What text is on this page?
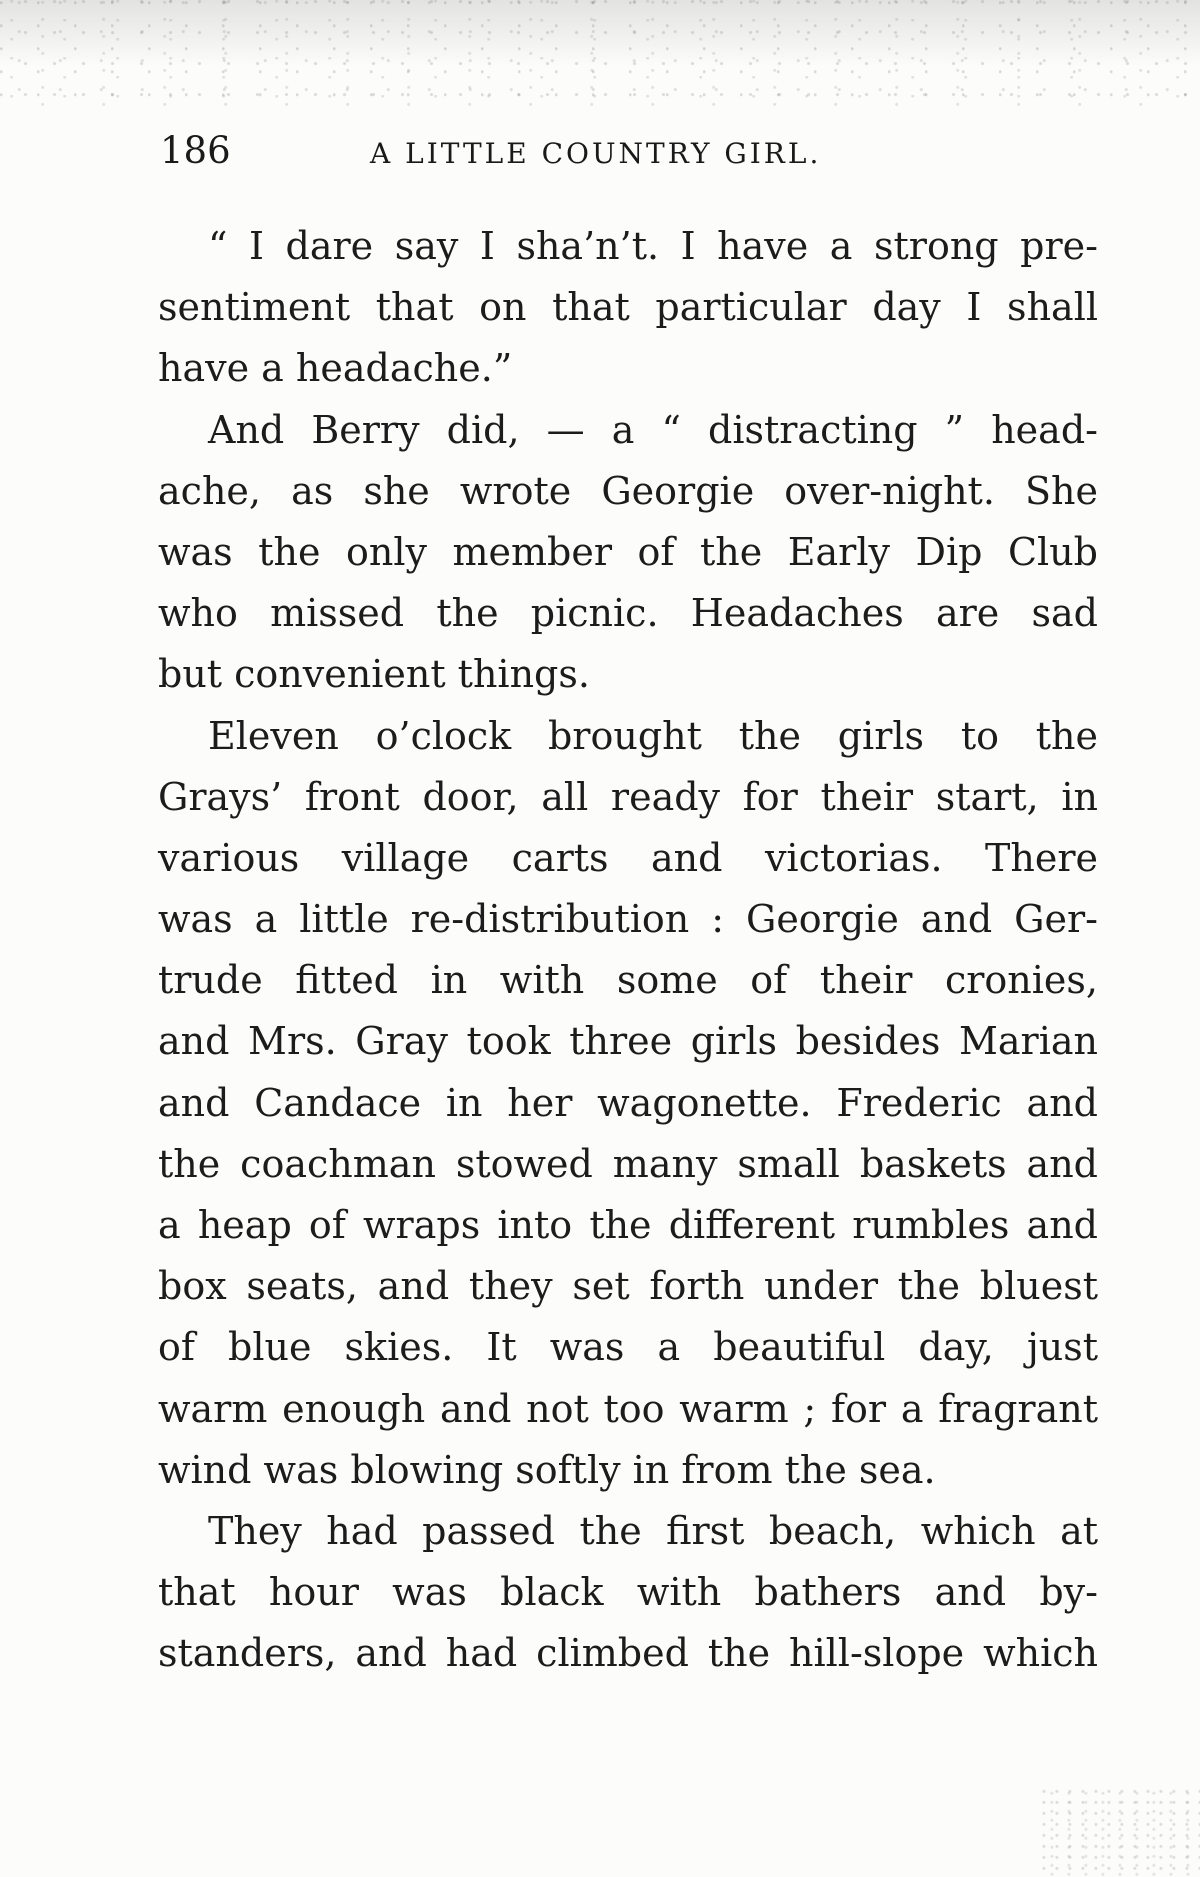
186	A LITTLE COUNTRY GIRL.
“ I dare say I sha’n’t. I have a strong pre-
sentiment that on that particular day I shall
have a headache.”
And Berry did, — a “ distracting ” head-
ache, as she wrote Georgie over-night. She
was the only member of the Early Dip Club
who missed the picnic. Headaches are sad
but convenient things.
Eleven o’clock brought the girls to the
Grays’ front door, all ready for their start, in
various village carts and victorias. There
was a little re-distribution : Georgie and Ger-
trude fitted in with some of their cronies,
and Mrs. Gray took three girls besides Marian
and Candace in her wagonette. Frederic and
the coachman stowed many small baskets and
a heap of wraps into the different rumbles and
box seats, and they set forth under the bluest
of blue skies. It was a beautiful day, just
warm enough and not too warm ; for a fragrant
wind was blowing softly in from the sea.
They had passed the first beach, which at
that hour was black with bathers and by-
standers, and had climbed the hill-slope which
